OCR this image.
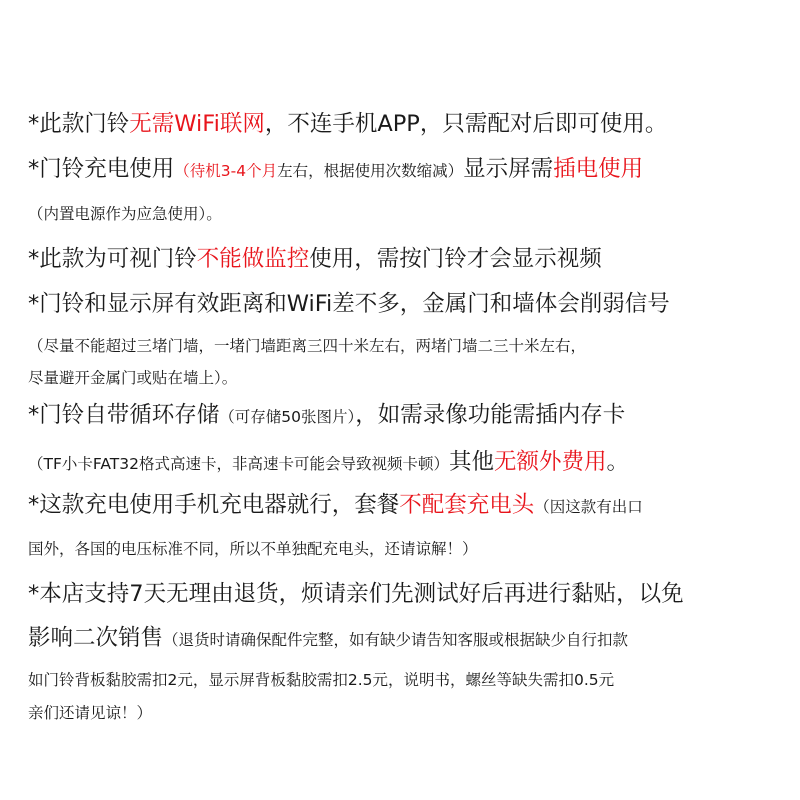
*此款门铃无需WiFi联网，不连手机APP，只需配对后即可使用。
*门铃充电使用（待机3-4个月左右，根据使用次数缩减）显示屏需插电使用
（内置电源作为应急使用）。
*此款为可视门铃不能做监控使用，需按门铃才会显示视频
*门铃和显示屏有效距离和WiFi差不多，金属门和墙体会削弱信号
（尽量不能超过三堵门墙，一堵门墙距离三四十米左右，两堵门墙二三十米左右，
尽量避开金属门或贴在墙上）。
*门铃自带循环存储（可存储50张图片），如需录像功能需插内存卡
（TF小卡FAT32格式高速卡，非高速卡可能会导致视频卡顿）其他无额外费用。
*这款充电使用手机充电器就行，套餐不配套充电头（因这款有出口
国外，各国的电压标准不同，所以不单独配充电头，还请谅解！）
*本店支持7天无理由退货，烦请亲们先测试好后再进行黏贴，以免
影响二次销售（退货时请确保配件完整，如有缺少请告知客服或根据缺少自行扣款
如门铃背板黏胶需扣2元，显示屏背板黏胶需扣2.5元，说明书，螺丝等缺失需扣0.5元
亲们还请见谅！）
